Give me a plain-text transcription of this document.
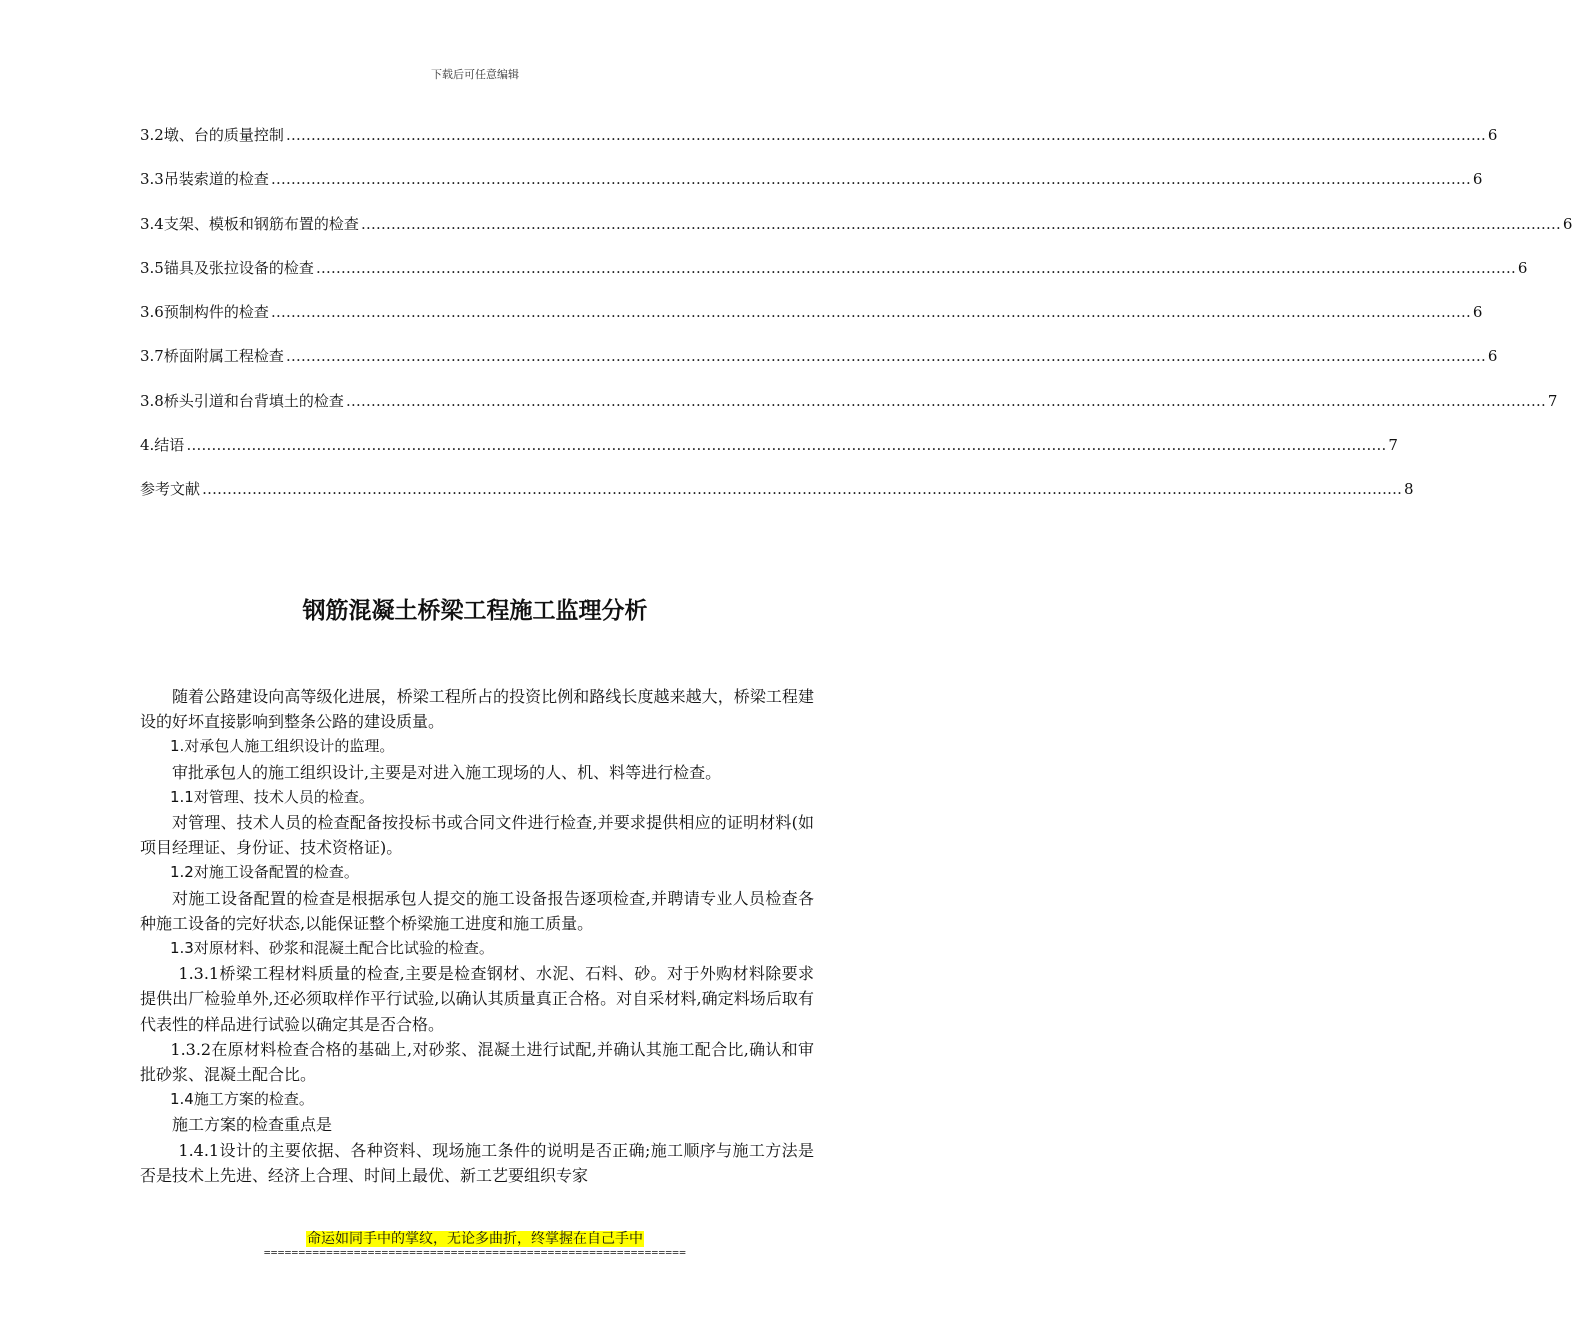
下载后可任意编辑
3.2墩、台的质量控制 …………………………………………………………………………………………………………………………………………………………………………………………………………………… 6
3.3吊装索道的检查 …………………………………………………………………………………………………………………………………………………………………………………………………………………… 6
3.4支架、模板和钢筋布置的检查 …………………………………………………………………………………………………………………………………………………………………………………………………………………… 6
3.5锚具及张拉设备的检查 …………………………………………………………………………………………………………………………………………………………………………………………………………………… 6
3.6预制构件的检查 …………………………………………………………………………………………………………………………………………………………………………………………………………………… 6
3.7桥面附属工程检查 …………………………………………………………………………………………………………………………………………………………………………………………………………………… 6
3.8桥头引道和台背填土的检查 …………………………………………………………………………………………………………………………………………………………………………………………………………………… 7
4.结语 …………………………………………………………………………………………………………………………………………………………………………………………………………………… 7
参考文献 …………………………………………………………………………………………………………………………………………………………………………………………………………………… 8
钢筋混凝土桥梁工程施工监理分析

随着公路建设向高等级化进展，桥梁工程所占的投资比例和路线长度越来越大，桥梁工程建设的好坏直接影响到整条公路的建设质量。

1.对承包人施工组织设计的监理。

审批承包人的施工组织设计,主要是对进入施工现场的人、机、料等进行检查。

1.1对管理、技术人员的检查。

对管理、技术人员的检查配备按投标书或合同文件进行检查,并要求提供相应的证明材料(如项目经理证、身份证、技术资格证)。

1.2对施工设备配置的检查。

对施工设备配置的检查是根据承包人提交的施工设备报告逐项检查,并聘请专业人员检查各种施工设备的完好状态,以能保证整个桥梁施工进度和施工质量。

1.3对原材料、砂浆和混凝土配合比试验的检查。

1.3.1桥梁工程材料质量的检查,主要是检查钢材、水泥、石料、砂。对于外购材料除要求提供出厂检验单外,还必须取样作平行试验,以确认其质量真正合格。对自采材料,确定料场后取有代表性的样品进行试验以确定其是否合格。

1.3.2在原材料检查合格的基础上,对砂浆、混凝土进行试配,并确认其施工配合比,确认和审批砂浆、混凝土配合比。

1.4施工方案的检查。

施工方案的检查重点是

1.4.1设计的主要依据、各种资料、现场施工条件的说明是否正确;施工顺序与施工方法是否是技术上先进、经济上合理、时间上最优、新工艺要组织专家

命运如同手中的掌纹，无论多曲折，终掌握在自己手中
=============================================================
